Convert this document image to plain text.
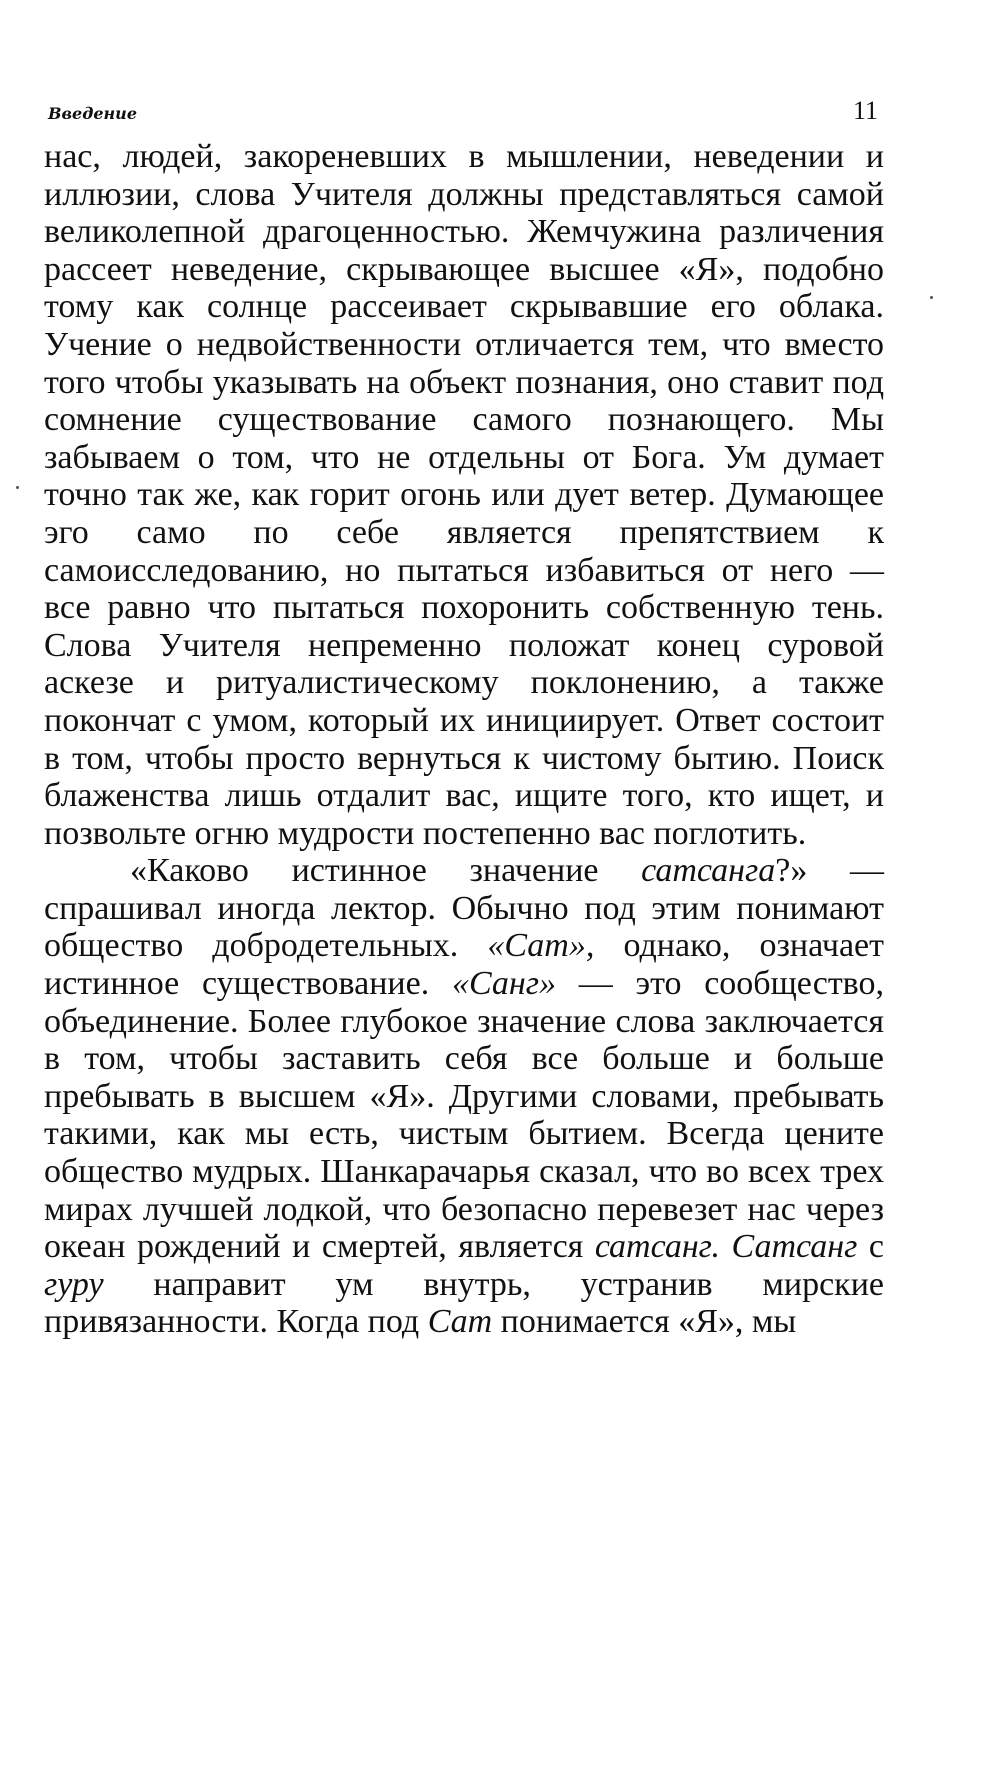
Введение	11

нас, людей, закореневших в мышлении, неведении и иллюзии, слова Учителя должны представляться самой великолепной драгоценностью. Жемчужина различения рассеет неведение, скрывающее высшее «Я», подобно тому как солнце рассеивает скрывавшие его облака. Учение о недвойственности отличается тем, что вместо того чтобы указывать на объект познания, оно ставит под сомнение существование самого познающего. Мы забываем о том, что не отдельны от Бога. Ум думает точно так же, как горит огонь или дует ветер. Думающее эго само по себе является препятствием к самоисследованию, но пытаться избавиться от него — все равно что пытаться похоронить собственную тень. Слова Учителя непременно положат конец суровой аскезе и ритуалистическому поклонению, а также покончат с умом, который их инициирует. Ответ состоит в том, чтобы просто вернуться к чистому бытию. Поиск блаженства лишь отдалит вас, ищите того, кто ищет, и позвольте огню мудрости постепенно вас поглотить.

«Каково истинное значение сатсанга?» — спрашивал иногда лектор. Обычно под этим понимают общество добродетельных. «Сат», однако, означает истинное существование. «Санг» — это сообщество, объединение. Более глубокое значение слова заключается в том, чтобы заставить себя все больше и больше пребывать в высшем «Я». Другими словами, пребывать такими, как мы есть, чистым бытием. Всегда цените общество мудрых. Шанкарачарья сказал, что во всех трех мирах лучшей лодкой, что безопасно перевезет нас через океан рождений и смертей, является сатсанг. Сатсанг с гуру направит ум внутрь, устранив мирские привязанности. Когда под Сат понимается «Я», мы
